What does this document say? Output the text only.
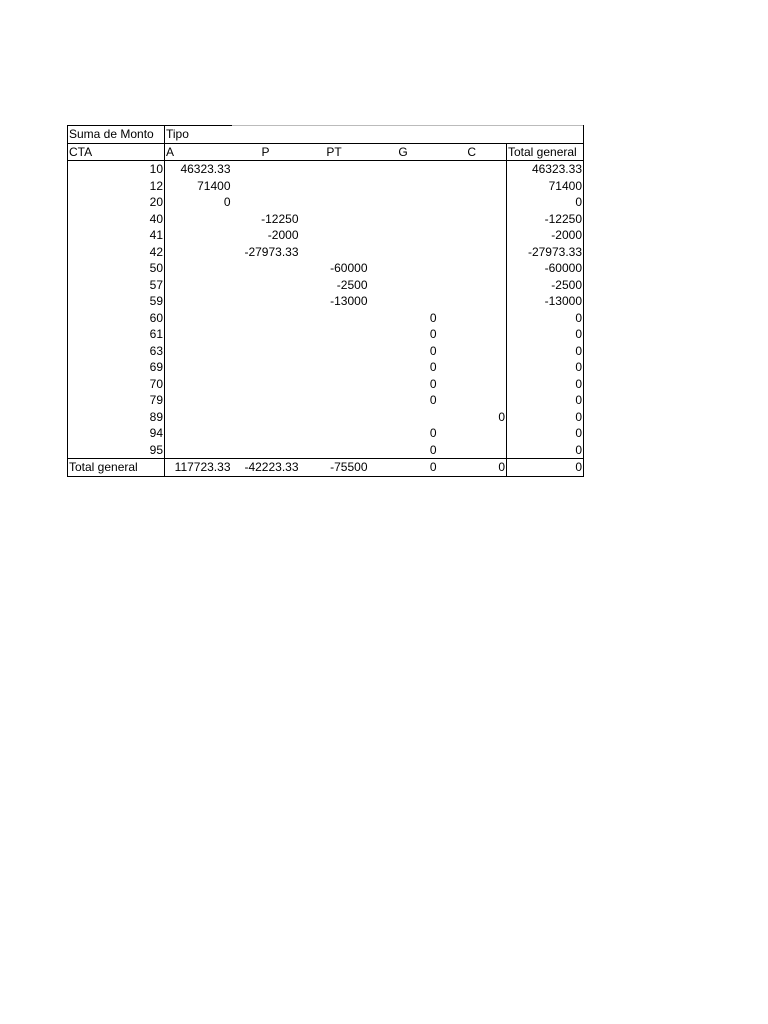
Suma de Monto	Tipo					
CTA	A	P	PT	G	C	Total general
10	46323.33					46323.33
12	71400					71400
20	0					0
40		-12250				-12250
41		-2000				-2000
42		-27973.33				-27973.33
50			-60000			-60000
57			-2500			-2500
59			-13000			-13000
60				0		0
61				0		0
63				0		0
69				0		0
70				0		0
79				0		0
89					0	0
94				0		0
95				0		0
Total general	117723.33	-42223.33	-75500	0	0	0
